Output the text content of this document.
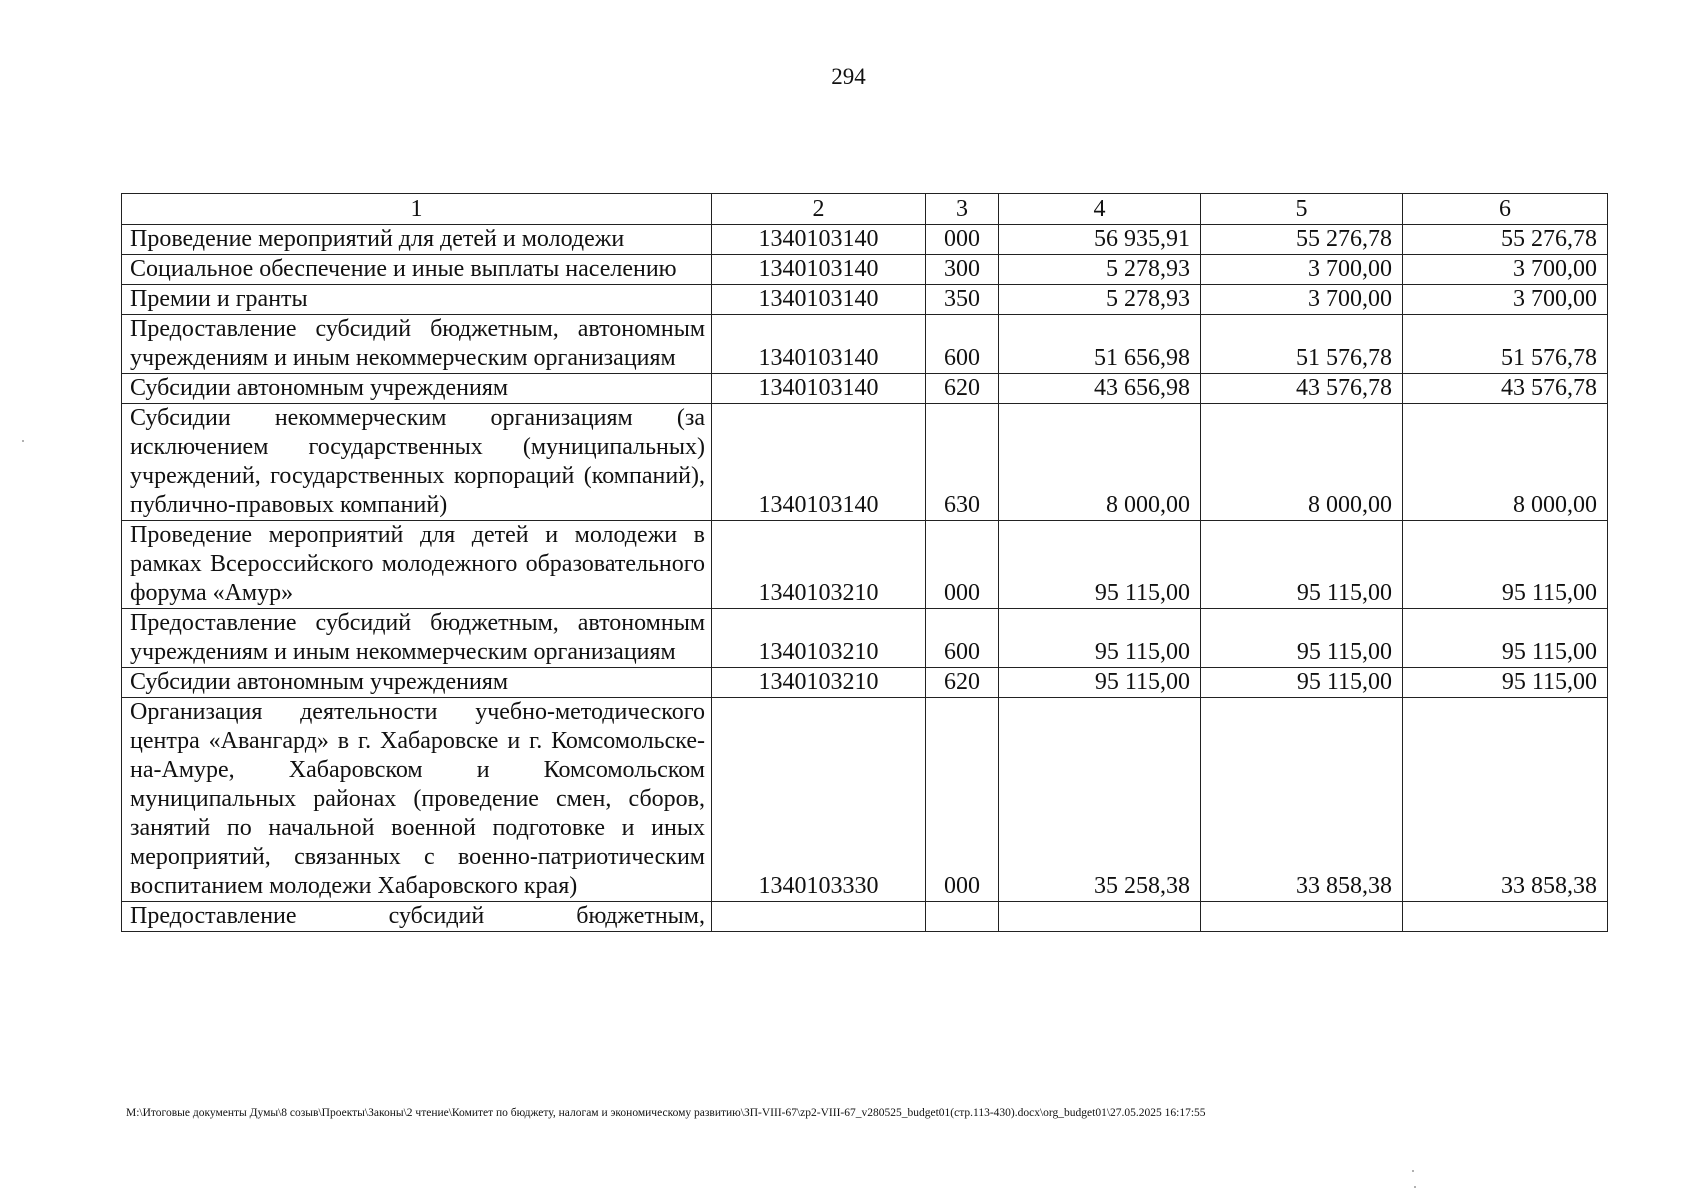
294
1	2	3	4	5	6
Проведение мероприятий для детей и молодежи	1340103140	000	56 935,91	55 276,78	55 276,78
Социальное обеспечение и иные выплаты населению	1340103140	300	5 278,93	3 700,00	3 700,00
Премии и гранты	1340103140	350	5 278,93	3 700,00	3 700,00
Предоставление субсидий бюджетным, автономным учреждениям и иным некоммерческим организациям	1340103140	600	51 656,98	51 576,78	51 576,78
Субсидии автономным учреждениям	1340103140	620	43 656,98	43 576,78	43 576,78
Субсидии некоммерческим организациям (за исключением государственных (муниципальных) учреждений, государственных корпораций (компаний), публично-правовых компаний)	1340103140	630	8 000,00	8 000,00	8 000,00
Проведение мероприятий для детей и молодежи в рамках Всероссийского молодежного образовательного форума «Амур»	1340103210	000	95 115,00	95 115,00	95 115,00
Предоставление субсидий бюджетным, автономным учреждениям и иным некоммерческим организациям	1340103210	600	95 115,00	95 115,00	95 115,00
Субсидии автономным учреждениям	1340103210	620	95 115,00	95 115,00	95 115,00
Организация деятельности учебно-методического центра «Авангард» в г. Хабаровске и г. Комсомольске-на-Амуре, Хабаровском и Комсомольском муниципальных районах (проведение смен, сборов, занятий по начальной военной подготовке и иных мероприятий, связанных с военно-патриотическим воспитанием молодежи Хабаровского края)	1340103330	000	35 258,38	33 858,38	33 858,38
Предоставление субсидий бюджетным,					
М:\Итоговые документы Думы\8 созыв\Проекты\Законы\2 чтение\Комитет по бюджету, налогам и экономическому развитию\ЗП-VIII-67\zp2-VIII-67_v280525_budget01(стр.113-430).docx\org_budget01\27.05.2025 16:17:55
